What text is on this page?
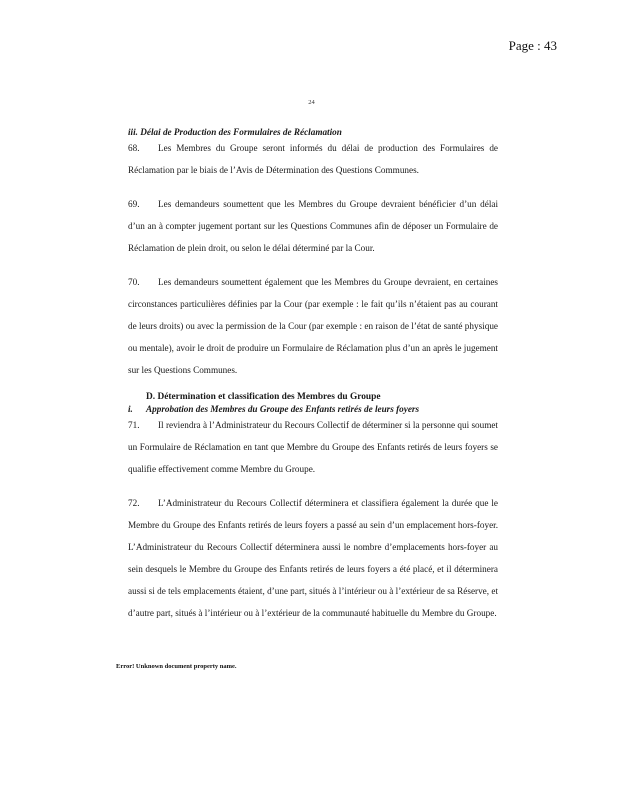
Page : 43
24

iii. Délai de Production des Formulaires de Réclamation

68. Les Membres du Groupe seront informés du délai de production des Formulaires de Réclamation par le biais de l’Avis de Détermination des Questions Communes.

69. Les demandeurs soumettent que les Membres du Groupe devraient bénéficier d’un délai d’un an à compter jugement portant sur les Questions Communes afin de déposer un Formulaire de Réclamation de plein droit, ou selon le délai déterminé par la Cour.

70. Les demandeurs soumettent également que les Membres du Groupe devraient, en certaines circonstances particulières définies par la Cour (par exemple : le fait qu’ils n’étaient pas au courant de leurs droits) ou avec la permission de la Cour (par exemple : en raison de l’état de santé physique ou mentale), avoir le droit de produire un Formulaire de Réclamation plus d’un an après le jugement sur les Questions Communes.

D. Détermination et classification des Membres du Groupe

i. Approbation des Membres du Groupe des Enfants retirés de leurs foyers

71. Il reviendra à l’Administrateur du Recours Collectif de déterminer si la personne qui soumet un Formulaire de Réclamation en tant que Membre du Groupe des Enfants retirés de leurs foyers se qualifie effectivement comme Membre du Groupe.

72. L’Administrateur du Recours Collectif déterminera et classifiera également la durée que le Membre du Groupe des Enfants retirés de leurs foyers a passé au sein d’un emplacement hors-foyer. L’Administrateur du Recours Collectif déterminera aussi le nombre d’emplacements hors-foyer au sein desquels le Membre du Groupe des Enfants retirés de leurs foyers a été placé, et il déterminera aussi si de tels emplacements étaient, d’une part, situés à l’intérieur ou à l’extérieur de sa Réserve, et d’autre part, situés à l’intérieur ou à l’extérieur de la communauté habituelle du Membre du Groupe.

Error! Unknown document property name.
